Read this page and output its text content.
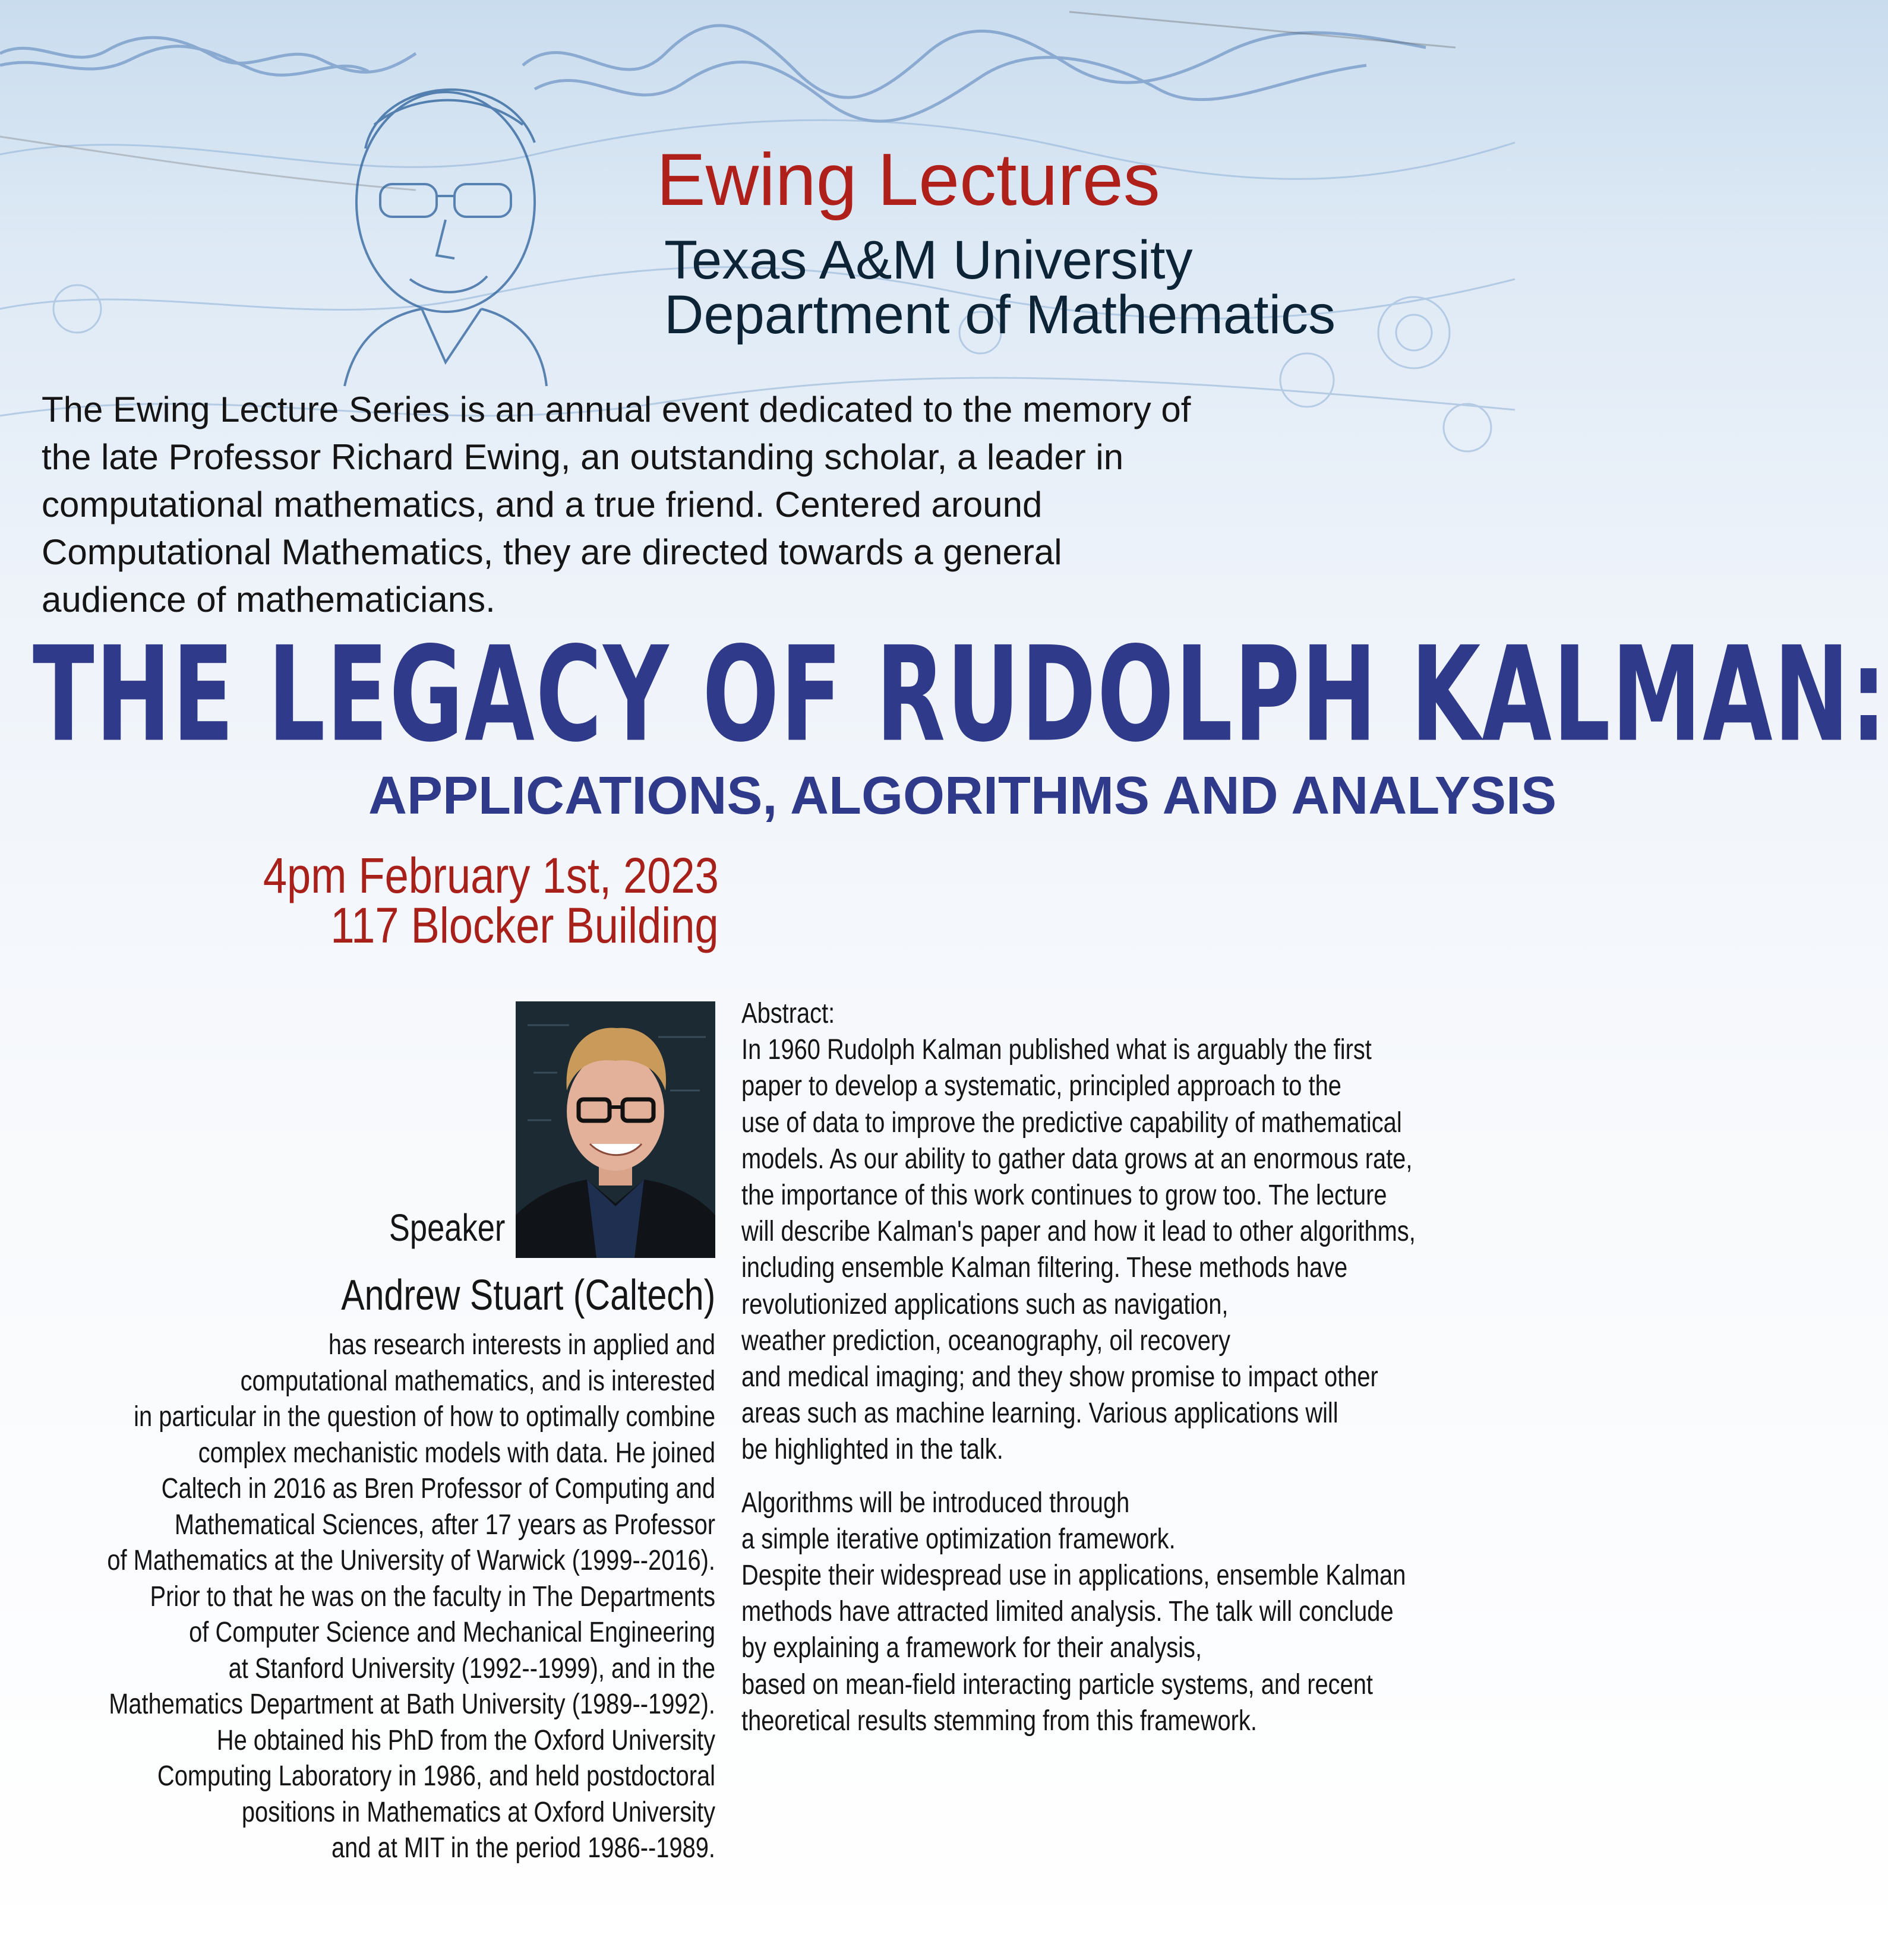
Ewing Lectures
Texas A&M University
Department of Mathematics
The Ewing Lecture Series is an annual event dedicated to the memory of
the late Professor Richard Ewing, an outstanding scholar, a leader in
computational mathematics, and a true friend. Centered around
Computational Mathematics, they are directed towards a general
audience of mathematicians.
THE LEGACY OF RUDOLPH KALMAN:
APPLICATIONS, ALGORITHMS AND ANALYSIS
4pm February 1st, 2023
117 Blocker Building
Speaker
Andrew Stuart (Caltech)
has research interests in applied and
computational mathematics, and is interested
in particular in the question of how to optimally combine
complex mechanistic models with data. He joined
Caltech in 2016 as Bren Professor of Computing and
Mathematical Sciences, after 17 years as Professor
of Mathematics at the University of Warwick (1999--2016).
Prior to that he was on the faculty in The Departments
of Computer Science and Mechanical Engineering
at Stanford University (1992--1999), and in the
Mathematics Department at Bath University (1989--1992).
He obtained his PhD from the Oxford University
Computing Laboratory in 1986, and held postdoctoral
positions in Mathematics at Oxford University
and at MIT in the period 1986--1989.
Abstract:
In 1960 Rudolph Kalman published what is arguably the first
paper to develop a systematic, principled approach to the
use of data to improve the predictive capability of mathematical
models. As our ability to gather data grows at an enormous rate,
the importance of this work continues to grow too. The lecture
will describe Kalman's paper and how it lead to other algorithms,
including ensemble Kalman filtering. These methods have
revolutionized applications such as navigation,
weather prediction, oceanography, oil recovery
and medical imaging; and they show promise to impact other
areas such as machine learning. Various applications will
be highlighted in the talk.
Algorithms will be introduced through
a simple iterative optimization framework.
Despite their widespread use in applications, ensemble Kalman
methods have attracted limited analysis. The talk will conclude
by explaining a framework for their analysis,
based on mean-field interacting particle systems, and recent
theoretical results stemming from this framework.
